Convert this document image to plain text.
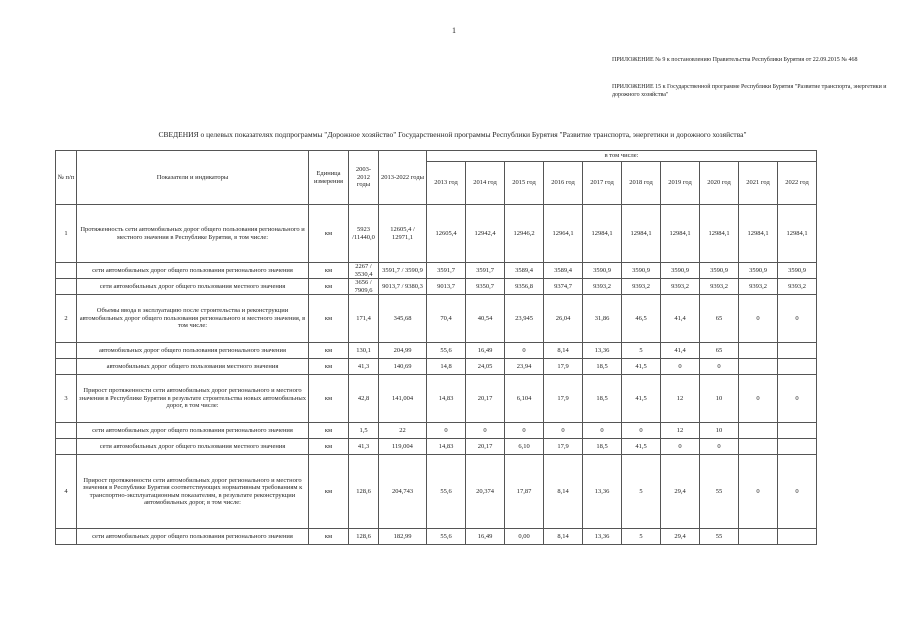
1
ПРИЛОЖЕНИЕ № 9 к постановлению Правительства Республики Бурятия от 22.09.2015 № 468
ПРИЛОЖЕНИЕ 15 к Государственной программе Республики Бурятия "Развитие транспорта, энергетики и дорожного хозяйства"
СВЕДЕНИЯ о целевых показателях подпрограммы "Дорожное хозяйство" Государственной программы Республики Бурятия "Развитие транспорта, энергетики и дорожного хозяйства"
№ п/п	Показатели и индикаторы	Единица измерения	2003-2012 годы	2013-2022 годы	в том числе:									
					2013 год	2014 год	2015 год	2016 год	2017 год	2018 год	2019 год	2020 год	2021 год	2022 год
1	Протяженность сети автомобильных дорог общего пользования регионального и местного значения в Республике Бурятия, в том числе:	км	5923 /11440,0	12605,4 / 12971,1	12605,4	12942,4	12946,2	12964,1	12984,1	12984,1	12984,1	12984,1	12984,1	12984,1
	сети автомобильных дорог общего пользования регионального значения	км	2267 / 3530,4	3591,7 / 3590,9	3591,7	3591,7	3589,4	3589,4	3590,9	3590,9	3590,9	3590,9	3590,9	3590,9
	сети автомобильных дорог общего пользования местного значения	км	3656 / 7909,6	9013,7 / 9380,3	9013,7	9350,7	9356,8	9374,7	9393,2	9393,2	9393,2	9393,2	9393,2	9393,2
2	Объемы ввода в эксплуатацию после строительства и реконструкции автомобильных дорог общего пользования регионального и местного значения, в том числе:	км	171,4	345,68	70,4	40,54	23,945	26,04	31,86	46,5	41,4	65	0	0
	автомобильных дорог общего пользования регионального значения	км	130,1	204,99	55,6	16,49	0	8,14	13,36	5	41,4	65		
	автомобильных дорог общего пользования местного значения	км	41,3	140,69	14,8	24,05	23,94	17,9	18,5	41,5	0	0		
3	Прирост протяженности сети автомобильных дорог регионального и местного значения в Республике Бурятия в результате строительства новых автомобильных дорог, в том числе:	км	42,8	141,004	14,83	20,17	6,104	17,9	18,5	41,5	12	10	0	0
	сети автомобильных дорог общего пользования регионального значения	км	1,5	22	0	0	0	0	0	0	12	10		
	сети автомобильных дорог общего пользования местного значения	км	41,3	119,004	14,83	20,17	6,10	17,9	18,5	41,5	0	0		
4	Прирост протяженности сети автомобильных дорог регионального и местного значения в Республике Бурятия соответствующих нормативным требованиям к транспортно-эксплуатационным показателям, в результате реконструкции автомобильных дорог, в том числе:	км	128,6	204,743	55,6	20,374	17,87	8,14	13,36	5	29,4	55	0	0
	сети автомобильных дорог общего пользования регионального значения	км	128,6	182,99	55,6	16,49	0,00	8,14	13,36	5	29,4	55		
